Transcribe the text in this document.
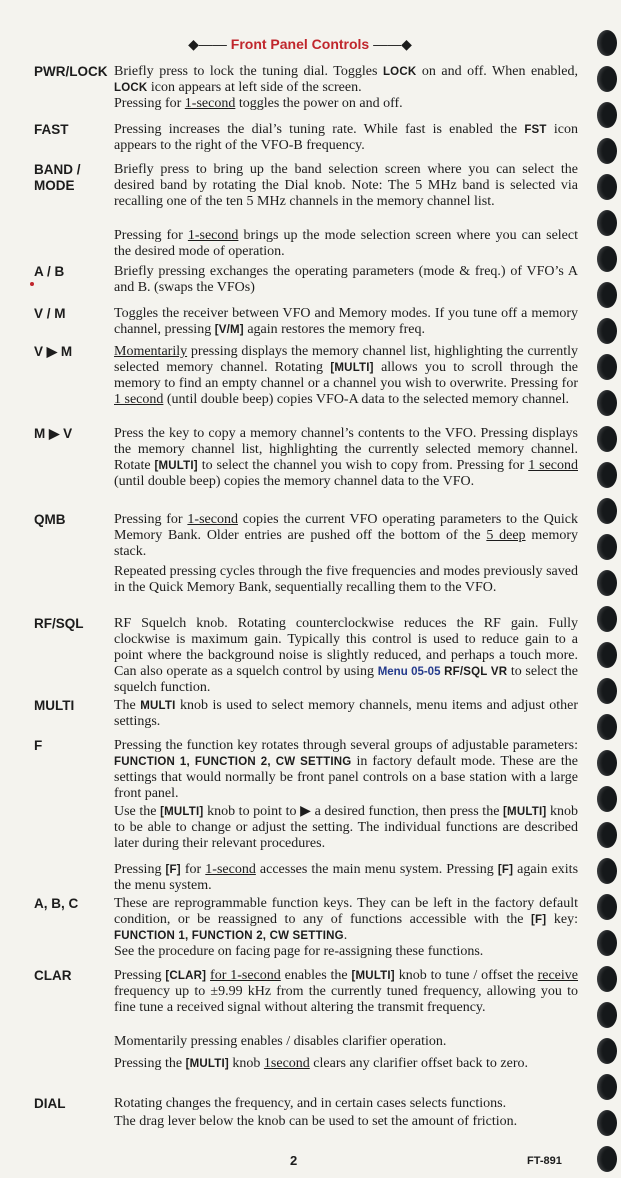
◆—— Front Panel Controls ——◆
PWR/LOCK Briefly press to lock the tuning dial. Toggles LOCK on and off. When enabled, LOCK icon appears at left side of the screen.

Pressing for 1-second toggles the power on and off.

FAST	Pressing increases the dial’s tuning rate. While fast is enabled the FST icon appears to the right of the VFO-B frequency.

BAND /
MODE

Briefly press to bring up the band selection screen where you can select the desired band by rotating the Dial knob. Note: The 5 MHz band is selected via recalling one of the ten 5 MHz channels in the memory channel list.

Pressing for 1-second brings up the mode selection screen where you can select the desired mode of operation.

A / B	Briefly pressing exchanges the operating parameters (mode & freq.) of VFO’s A and B. (swaps the VFOs)

V / M	Toggles the receiver between VFO and Memory modes. If you tune off a memory channel, pressing [V/M] again restores the memory freq.

V ▶ M	Momentarily pressing displays the memory channel list, highlighting the currently selected memory channel. Rotating [MULTI] allows you to scroll through the memory to find an empty channel or a channel you wish to overwrite. Pressing for 1 second (until double beep) copies VFO-A data to the selected memory channel.

M ▶ V	Press the key to copy a memory channel’s contents to the VFO. Pressing displays the memory channel list, highlighting the currently selected memory channel. Rotate [MULTI] to select the channel you wish to copy from. Pressing for 1 second (until double beep) copies the memory channel data to the VFO.

QMB	Pressing for 1-second copies the current VFO operating parameters to the Quick Memory Bank. Older entries are pushed off the bottom of the 5 deep memory stack.

Repeated pressing cycles through the five frequencies and modes previously saved in the Quick Memory Bank, sequentially recalling them to the VFO.

RF/SQL RF Squelch knob. Rotating counterclockwise reduces the RF gain. Fully clockwise is maximum gain. Typically this control is used to reduce gain to a point where the background noise is slightly reduced, and perhaps a touch more. Can also operate as a squelch control by using Menu 05-05 RF/SQL VR to select the squelch function.

MULTI	The MULTI knob is used to select memory channels, menu items and adjust other settings.

F	Pressing the function key rotates through several groups of adjustable parameters: FUNCTION 1, FUNCTION 2, CW SETTING in factory default mode. These are the settings that would normally be front panel controls on a base station with a large front panel.

Use the [MULTI] knob to point to ▶ a desired function, then press the [MULTI] knob to be able to change or adjust the setting. The individual functions are described later during their relevant procedures.

Pressing [F] for 1-second accesses the main menu system. Pressing [F] again exits the menu system.

A, B, C	These are reprogrammable function keys. They can be left in the factory default condition, or be reassigned to any of functions accessible with the [F] key: FUNCTION 1, FUNCTION 2, CW SETTING.

See the procedure on facing page for re-assigning these functions.

CLAR	Pressing [CLAR] for 1-second enables the [MULTI] knob to tune / offset the receive frequency up to ±9.99 kHz from the currently tuned frequency, allowing you to fine tune a received signal without altering the transmit frequency.

Momentarily pressing enables / disables clarifier operation.

Pressing the [MULTI] knob 1second clears any clarifier offset back to zero.

DIAL	Rotating changes the frequency, and in certain cases selects functions.

The drag lever below the knob can be used to set the amount of friction.

2	FT-891
